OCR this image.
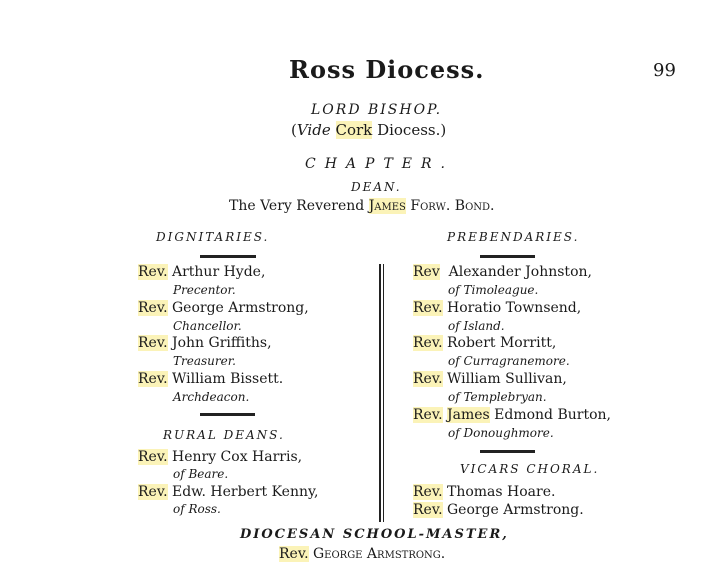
Ross Diocess.	99
LORD BISHOP.
(Vide Cork Diocess.)
CHAPTER.
DEAN.
The Very Reverend James Forw. Bond.
DIGNITARIES.
Rev. Arthur Hyde,
Precentor.
Rev. George Armstrong,
Chancellor.
Rev. John Griffiths,
Treasurer.
Rev. William Bissett.
Archdeacon.
RURAL DEANS.
Rev. Henry Cox Harris,
of Beare.
Rev. Edw. Herbert Kenny,
of Ross.
PREBENDARIES.
Rev Alexander Johnston,
of Timoleague.
Rev. Horatio Townsend,
of Island.
Rev. Robert Morritt,
of Curragranemore.
Rev. William Sullivan,
of Templebryan.
Rev. James Edmond Burton,
of Donoughmore.
VICARS CHORAL.
Rev. Thomas Hoare.
Rev. George Armstrong.
DIOCESAN SCHOOL-MASTER,
Rev. George Armstrong.
